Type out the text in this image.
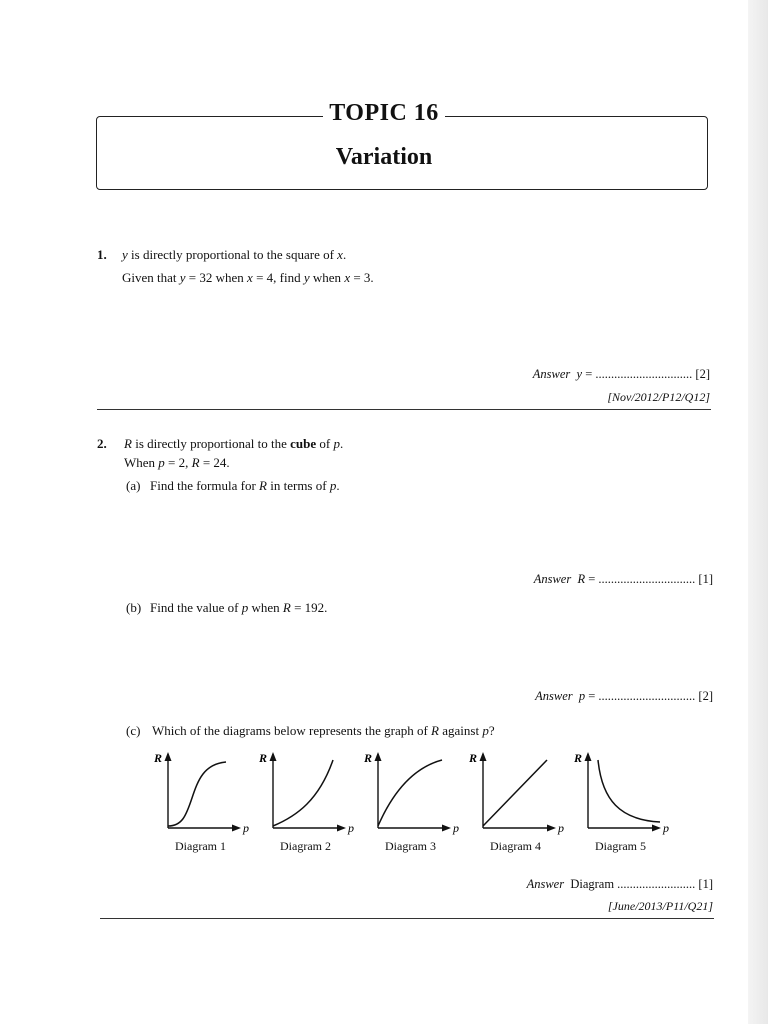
TOPIC 16
Variation
1. y is directly proportional to the square of x.
Given that y = 32 when x = 4, find y when x = 3.
Answer y = ............................... [2]
[Nov/2012/P12/Q12]
2. R is directly proportional to the cube of p.
When p = 2, R = 24.
(a) Find the formula for R in terms of p.
Answer R = ............................... [1]
(b) Find the value of p when R = 192.
Answer p = ............................... [2]
(c) Which of the diagrams below represents the graph of R against p?
Answer Diagram ......................... [1]
[June/2013/P11/Q21]
R
p
Diagram 1
R
p
Diagram 2
R
p
Diagram 3
R
p
Diagram 4
R
p
Diagram 5
